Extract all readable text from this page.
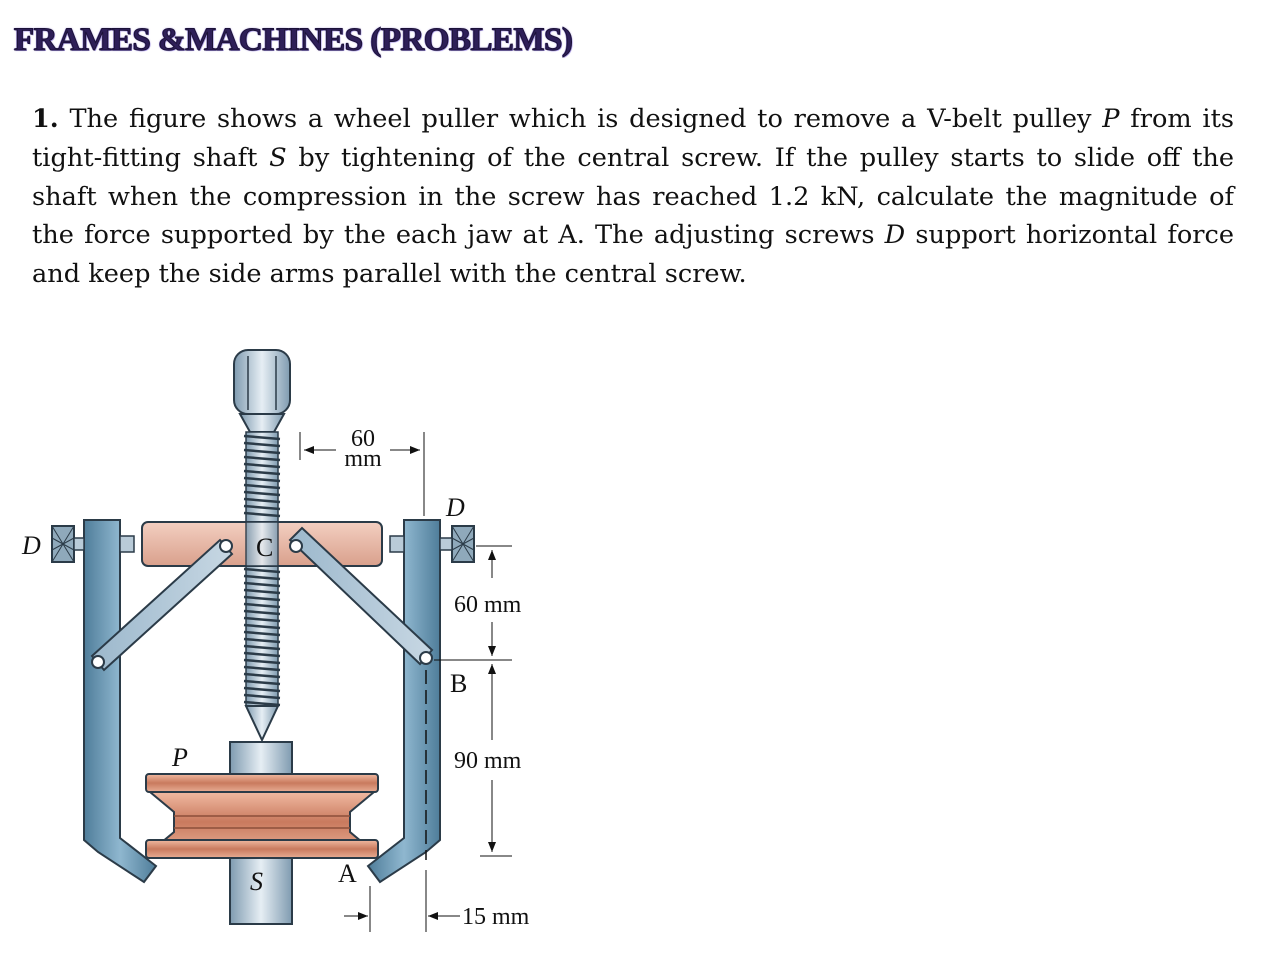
FRAMES &MACHINES (PROBLEMS)

1. The figure shows a wheel puller which is designed to remove a V-belt pulley P from its tight-fitting shaft S by tightening of the central screw. If the pulley starts to slide off the shaft when the compression in the screw has reached 1.2 kN, calculate the magnitude of the force supported by the each jaw at A. The adjusting screws D support horizontal force and keep the side arms parallel with the central screw.

60
mm
60 mm
90 mm
15 mm
D
D
C
B
A
P
S
